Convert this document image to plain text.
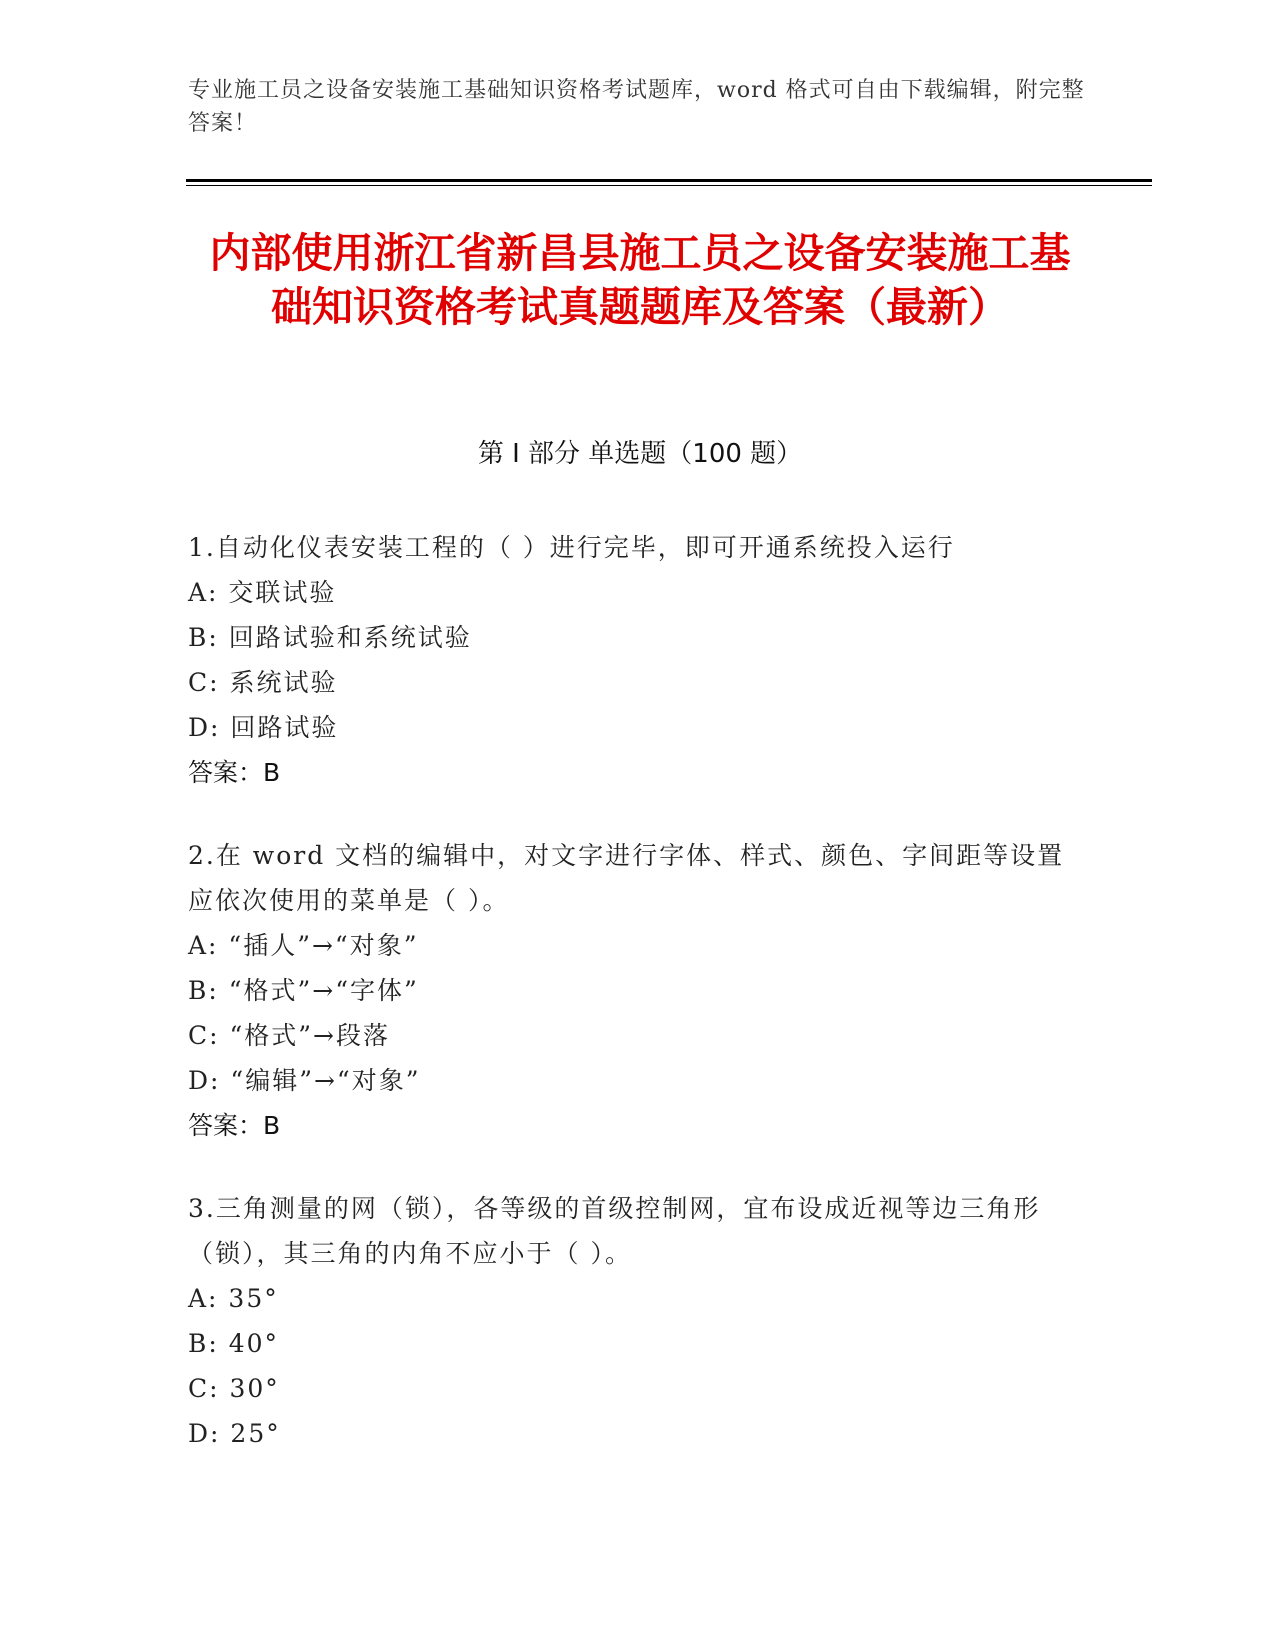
专业施工员之设备安装施工基础知识资格考试题库，word 格式可自由下载编辑，附完整答案！
内部使用浙江省新昌县施工员之设备安装施工基础知识资格考试真题题库及答案（最新）
第 I 部分 单选题（100 题）
1.自动化仪表安装工程的（ ）进行完毕，即可开通系统投入运行
A: 交联试验
B: 回路试验和系统试验
C: 系统试验
D: 回路试验
答案：B
2.在 word 文档的编辑中，对文字进行字体、样式、颜色、字间距等设置应依次使用的菜单是（ ）。
A: “插人”→“对象”
B: “格式”→“字体”
C: “格式”→段落
D: “编辑”→“对象”
答案：B
3.三角测量的网（锁），各等级的首级控制网，宜布设成近视等边三角形（锁），其三角的内角不应小于（ ）。
A: 35°
B: 40°
C: 30°
D: 25°
